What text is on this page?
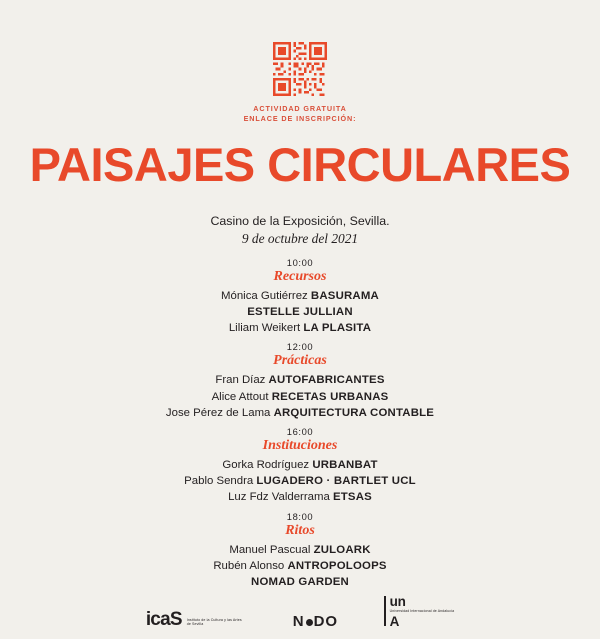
ACTIVIDAD GRATUITA
ENLACE DE INSCRIPCIÓN:
PAISAJES CIRCULARES
Casino de la Exposición, Sevilla.
9 de octubre del 2021
10:00
Recursos
Mónica Gutiérrez BASURAMA
ESTELLE JULLIAN
Liliam Weikert LA PLASITA
12:00
Prácticas
Fran Díaz AUTOFABRICANTES
Alice Attout RECETAS URBANAS
Jose Pérez de Lama ARQUITECTURA CONTABLE
16:00
Instituciones
Gorka Rodríguez URBANBAT
Pablo Sendra LUGADERO · BARTLET UCL
Luz Fdz Valderrama ETSAS
18:00
Ritos
Manuel Pascual ZULOARK
Rubén Alonso ANTROPOLOOPS
NOMAD GARDEN
icaS Instituto de la Cultura y las Artes de Sevilla	N DO
un
Universidad Internacional de Andalucía
A
